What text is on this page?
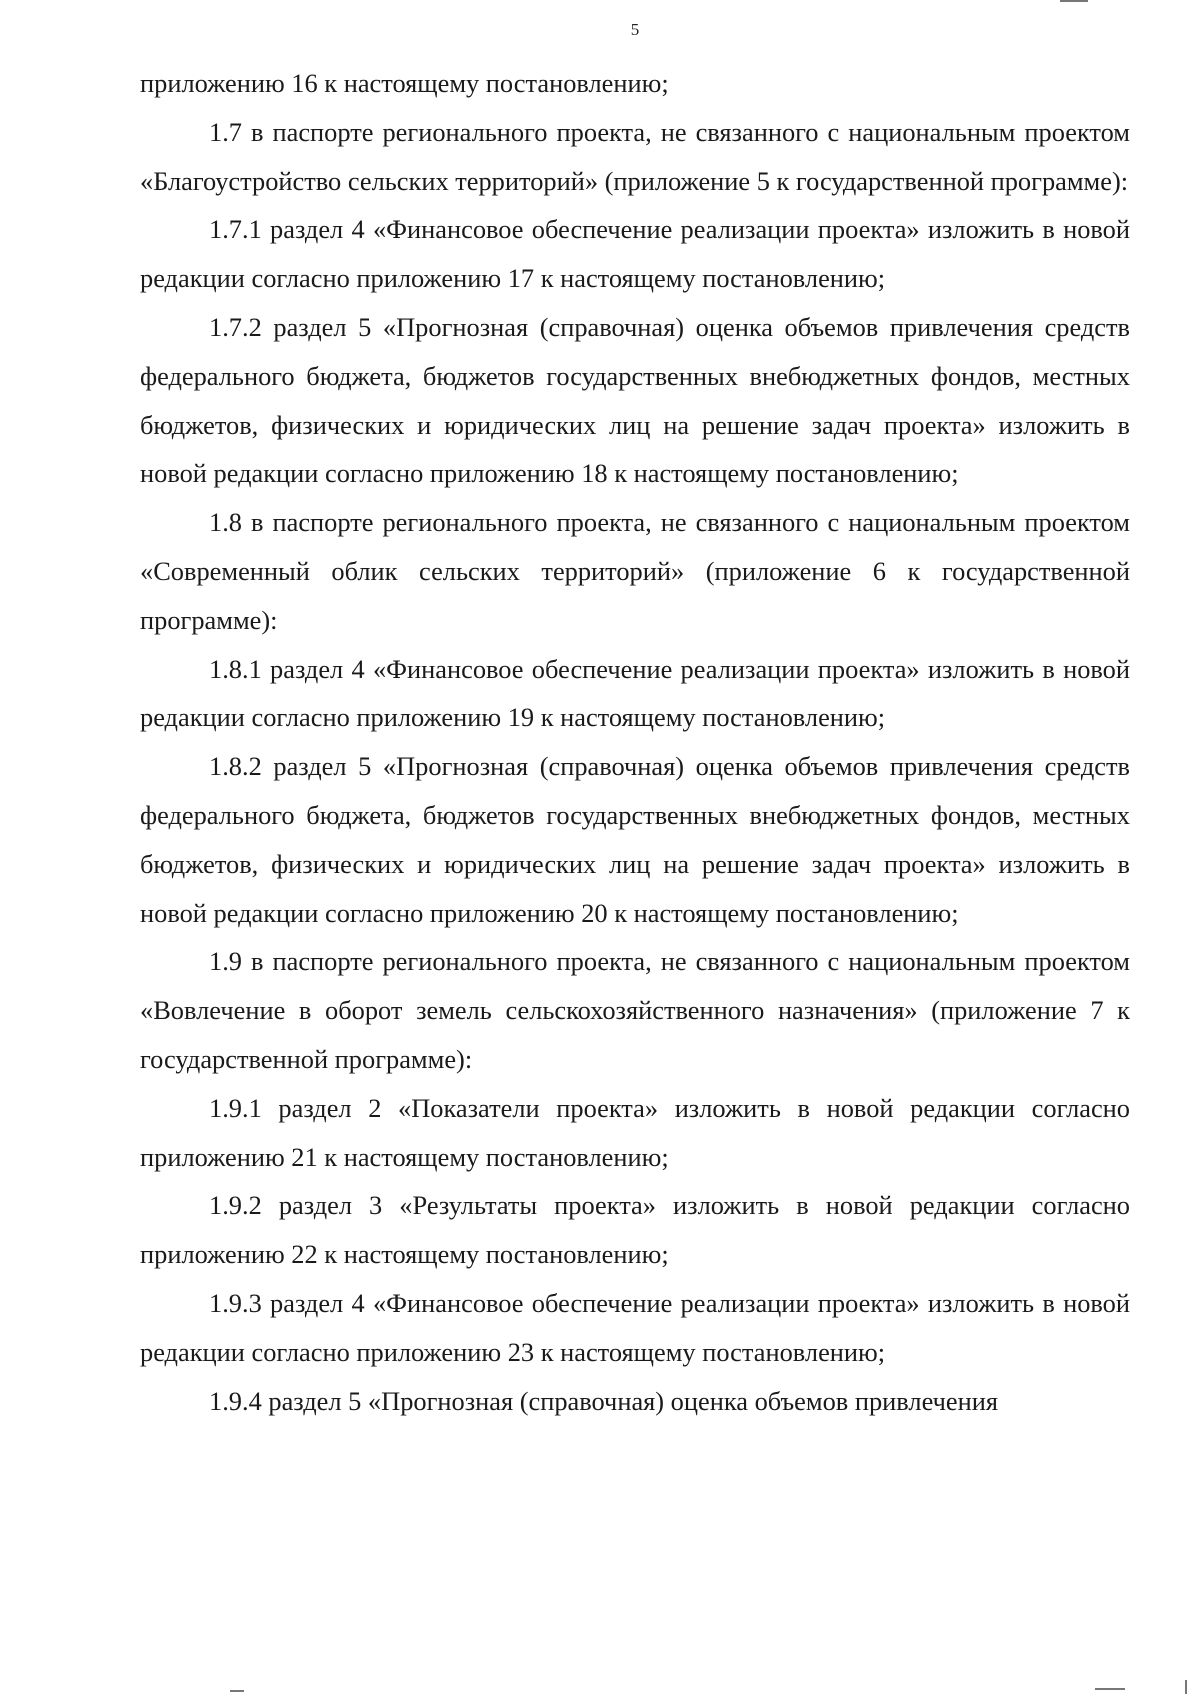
5

приложению 16 к настоящему постановлению;

1.7 в паспорте регионального проекта, не связанного с национальным проектом «Благоустройство сельских территорий» (приложение 5 к государственной программе):

1.7.1 раздел 4 «Финансовое обеспечение реализации проекта» изложить в новой редакции согласно приложению 17 к настоящему постановлению;

1.7.2 раздел 5 «Прогнозная (справочная) оценка объемов привлечения средств федерального бюджета, бюджетов государственных внебюджетных фондов, местных бюджетов, физических и юридических лиц на решение задач проекта» изложить в новой редакции согласно приложению 18 к настоящему постановлению;

1.8 в паспорте регионального проекта, не связанного с национальным проектом «Современный облик сельских территорий» (приложение 6 к государственной программе):

1.8.1 раздел 4 «Финансовое обеспечение реализации проекта» изложить в новой редакции согласно приложению 19 к настоящему постановлению;

1.8.2 раздел 5 «Прогнозная (справочная) оценка объемов привлечения средств федерального бюджета, бюджетов государственных внебюджетных фондов, местных бюджетов, физических и юридических лиц на решение задач проекта» изложить в новой редакции согласно приложению 20 к настоящему постановлению;

1.9 в паспорте регионального проекта, не связанного с национальным проектом «Вовлечение в оборот земель сельскохозяйственного назначения» (приложение 7 к государственной программе):

1.9.1 раздел 2 «Показатели проекта» изложить в новой редакции согласно приложению 21 к настоящему постановлению;

1.9.2 раздел 3 «Результаты проекта» изложить в новой редакции согласно приложению 22 к настоящему постановлению;

1.9.3 раздел 4 «Финансовое обеспечение реализации проекта» изложить в новой редакции согласно приложению 23 к настоящему постановлению;

1.9.4 раздел 5 «Прогнозная (справочная) оценка объемов привлечения
